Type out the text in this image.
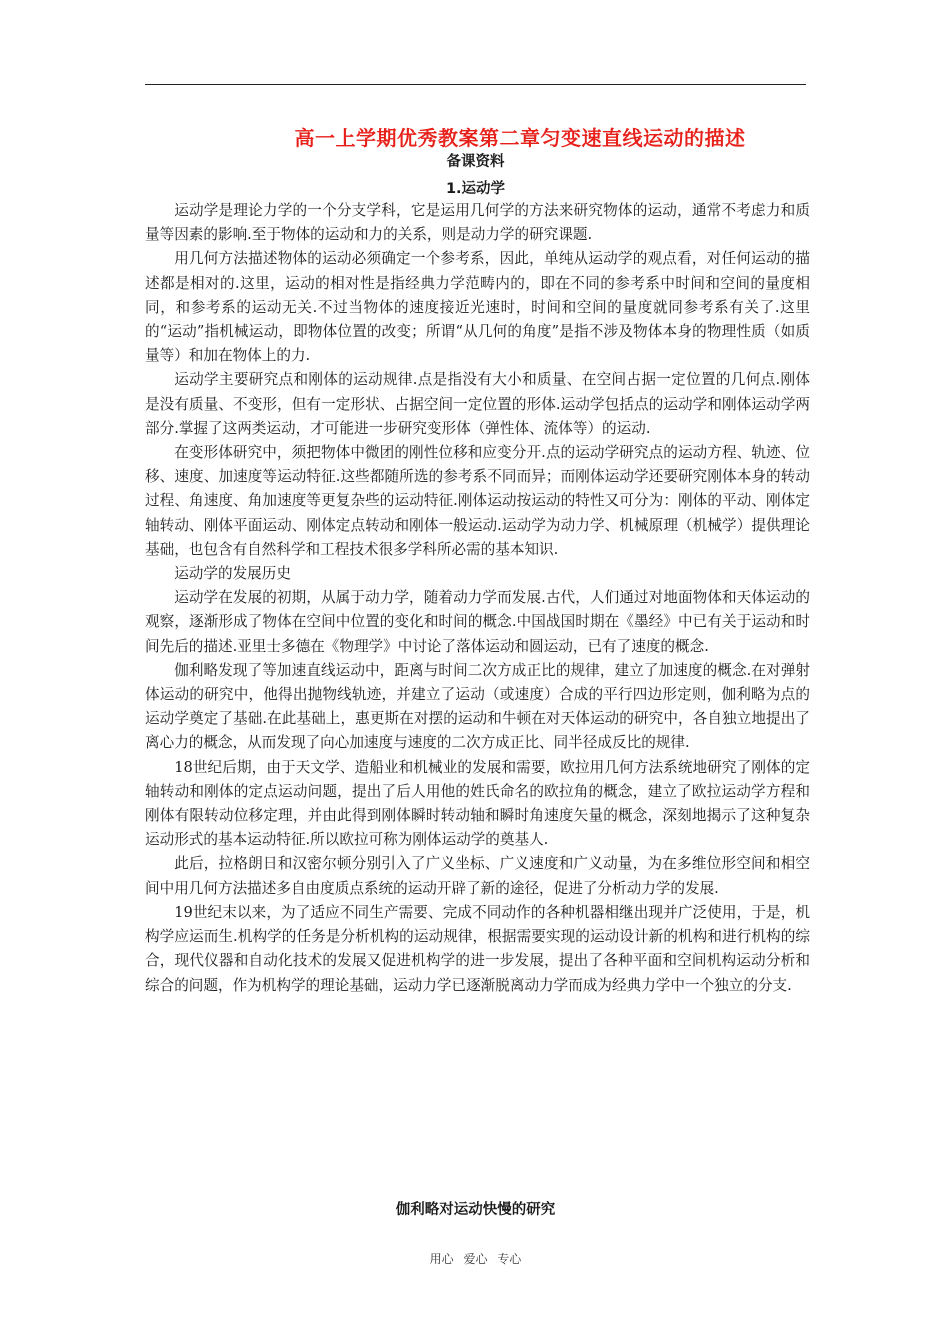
高一上学期优秀教案第二章匀变速直线运动的描述
备课资料
1.运动学

运动学是理论力学的一个分支学科，它是运用几何学的方法来研究物体的运动，通常不考虑力和质量等因素的影响.至于物体的运动和力的关系，则是动力学的研究课题.

用几何方法描述物体的运动必须确定一个参考系，因此，单纯从运动学的观点看，对任何运动的描述都是相对的.这里，运动的相对性是指经典力学范畴内的，即在不同的参考系中时间和空间的量度相同，和参考系的运动无关.不过当物体的速度接近光速时，时间和空间的量度就同参考系有关了.这里的“运动”指机械运动，即物体位置的改变；所谓“从几何的角度”是指不涉及物体本身的物理性质（如质量等）和加在物体上的力.

运动学主要研究点和刚体的运动规律.点是指没有大小和质量、在空间占据一定位置的几何点.刚体是没有质量、不变形，但有一定形状、占据空间一定位置的形体.运动学包括点的运动学和刚体运动学两部分.掌握了这两类运动，才可能进一步研究变形体（弹性体、流体等）的运动.

在变形体研究中，须把物体中微团的刚性位移和应变分开.点的运动学研究点的运动方程、轨迹、位移、速度、加速度等运动特征.这些都随所选的参考系不同而异；而刚体运动学还要研究刚体本身的转动过程、角速度、角加速度等更复杂些的运动特征.刚体运动按运动的特性又可分为：刚体的平动、刚体定轴转动、刚体平面运动、刚体定点转动和刚体一般运动.运动学为动力学、机械原理（机械学）提供理论基础，也包含有自然科学和工程技术很多学科所必需的基本知识.

运动学的发展历史

运动学在发展的初期，从属于动力学，随着动力学而发展.古代，人们通过对地面物体和天体运动的观察，逐渐形成了物体在空间中位置的变化和时间的概念.中国战国时期在《墨经》中已有关于运动和时间先后的描述.亚里士多德在《物理学》中讨论了落体运动和圆运动，已有了速度的概念.

伽利略发现了等加速直线运动中，距离与时间二次方成正比的规律，建立了加速度的概念.在对弹射体运动的研究中，他得出抛物线轨迹，并建立了运动（或速度）合成的平行四边形定则，伽利略为点的运动学奠定了基础.在此基础上，惠更斯在对摆的运动和牛顿在对天体运动的研究中，各自独立地提出了离心力的概念，从而发现了向心加速度与速度的二次方成正比、同半径成反比的规律.

18世纪后期，由于天文学、造船业和机械业的发展和需要，欧拉用几何方法系统地研究了刚体的定轴转动和刚体的定点运动问题，提出了后人用他的姓氏命名的欧拉角的概念，建立了欧拉运动学方程和刚体有限转动位移定理，并由此得到刚体瞬时转动轴和瞬时角速度矢量的概念，深刻地揭示了这种复杂运动形式的基本运动特征.所以欧拉可称为刚体运动学的奠基人.

此后，拉格朗日和汉密尔顿分别引入了广义坐标、广义速度和广义动量，为在多维位形空间和相空间中用几何方法描述多自由度质点系统的运动开辟了新的途径，促进了分析动力学的发展.

19世纪末以来，为了适应不同生产需要、完成不同动作的各种机器相继出现并广泛使用，于是，机构学应运而生.机构学的任务是分析机构的运动规律，根据需要实现的运动设计新的机构和进行机构的综合，现代仪器和自动化技术的发展又促进机构学的进一步发展，提出了各种平面和空间机构运动分析和综合的问题，作为机构学的理论基础，运动力学已逐渐脱离动力学而成为经典力学中一个独立的分支.

伽利略对运动快慢的研究
用心 爱心 专心
